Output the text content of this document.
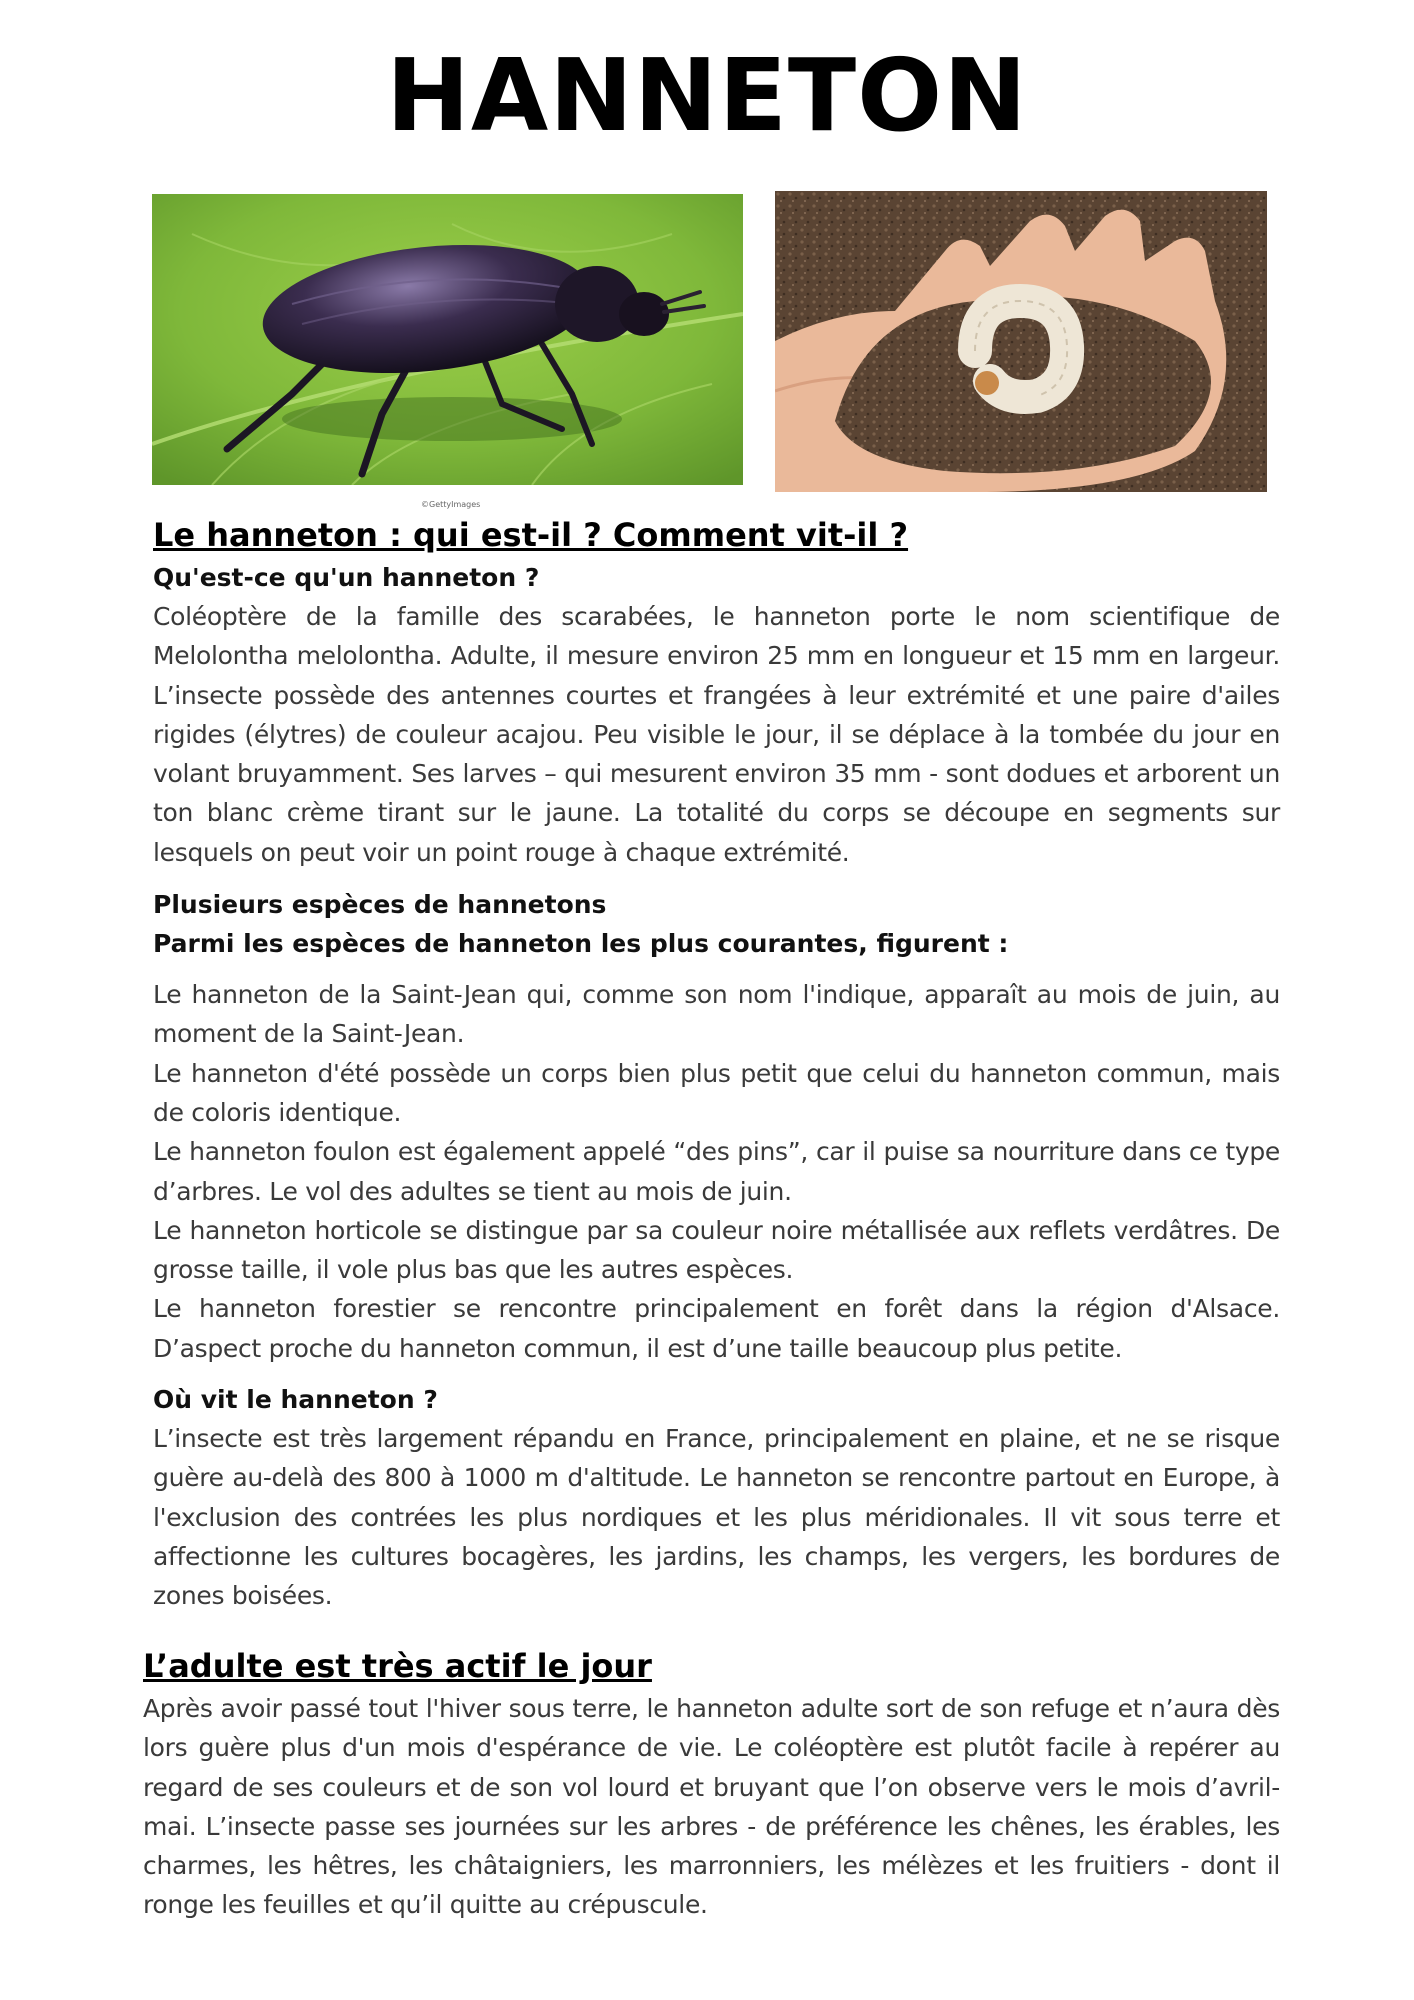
HANNETON
©GettyImages
Le hanneton : qui est-il ? Comment vit-il ?
Qu'est-ce qu'un hanneton ?

Coléoptère de la famille des scarabées, le hanneton porte le nom scientifique de Melolontha melolontha. Adulte, il mesure environ 25 mm en longueur et 15 mm en largeur. L’insecte possède des antennes courtes et frangées à leur extrémité et une paire d'ailes rigides (élytres) de couleur acajou. Peu visible le jour, il se déplace à la tombée du jour en volant bruyamment. Ses larves – qui mesurent environ 35 mm - sont dodues et arborent un ton blanc crème tirant sur le jaune. La totalité du corps se découpe en segments sur lesquels on peut voir un point rouge à chaque extrémité.

Plusieurs espèces de hannetons
Parmi les espèces de hanneton les plus courantes, figurent :

Le hanneton de la Saint-Jean qui, comme son nom l'indique, apparaît au mois de juin, au moment de la Saint-Jean.

Le hanneton d'été possède un corps bien plus petit que celui du hanneton commun, mais de coloris identique.

Le hanneton foulon est également appelé “des pins”, car il puise sa nourriture dans ce type d’arbres. Le vol des adultes se tient au mois de juin.

Le hanneton horticole se distingue par sa couleur noire métallisée aux reflets verdâtres. De grosse taille, il vole plus bas que les autres espèces.

Le hanneton forestier se rencontre principalement en forêt dans la région d'Alsace. D’aspect proche du hanneton commun, il est d’une taille beaucoup plus petite.

Où vit le hanneton ?

L’insecte est très largement répandu en France, principalement en plaine, et ne se risque guère au-delà des 800 à 1000 m d'altitude. Le hanneton se rencontre partout en Europe, à l'exclusion des contrées les plus nordiques et les plus méridionales. Il vit sous terre et affectionne les cultures bocagères, les jardins, les champs, les vergers, les bordures de zones boisées.

L’adulte est très actif le jour

Après avoir passé tout l'hiver sous terre, le hanneton adulte sort de son refuge et n’aura dès lors guère plus d'un mois d'espérance de vie. Le coléoptère est plutôt facile à repérer au regard de ses couleurs et de son vol lourd et bruyant que l’on observe vers le mois d’avril-mai. L’insecte passe ses journées sur les arbres - de préférence les chênes, les érables, les charmes, les hêtres, les châtaigniers, les marronniers, les mélèzes et les fruitiers - dont il ronge les feuilles et qu’il quitte au crépuscule.
